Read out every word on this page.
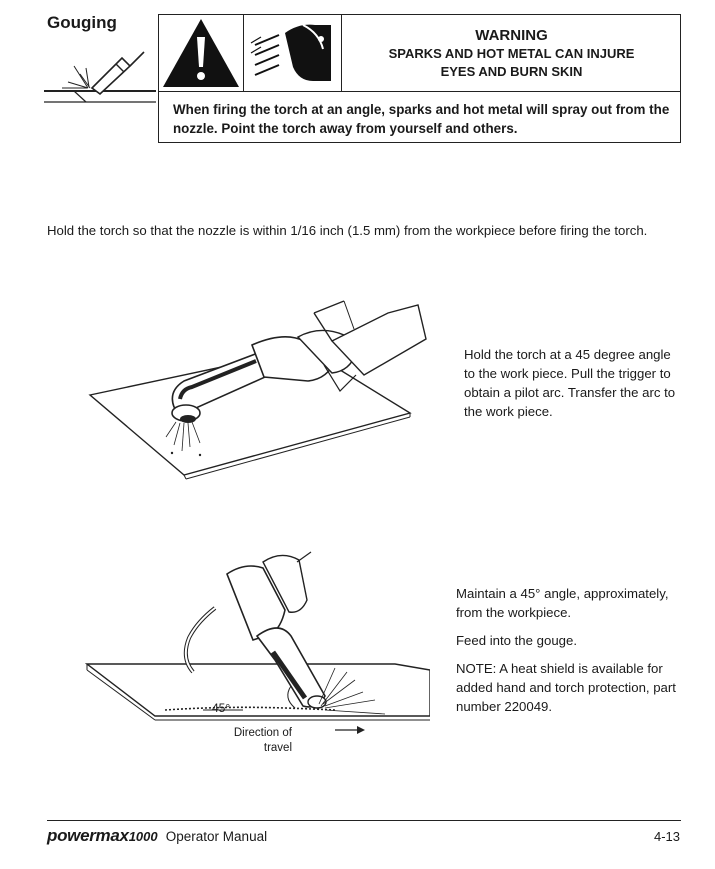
Gouging
WARNING
SPARKS AND HOT METAL CAN INJURE
EYES AND BURN SKIN
When firing the torch at an angle, sparks and hot metal will spray out from the nozzle. Point the torch away from yourself and others.
Hold the torch so that the nozzle is within 1/16 inch (1.5 mm) from the workpiece before firing the torch.
Hold the torch at a 45 degree angle to the work piece. Pull the trigger to obtain a pilot arc. Transfer the arc to the work piece.
45°
Direction of travel

Maintain a 45° angle, approximately, from the workpiece.

Feed into the gouge.

NOTE: A heat shield is available for added hand and torch protection, part number 220049.

powermax1000 Operator Manual	4-13
